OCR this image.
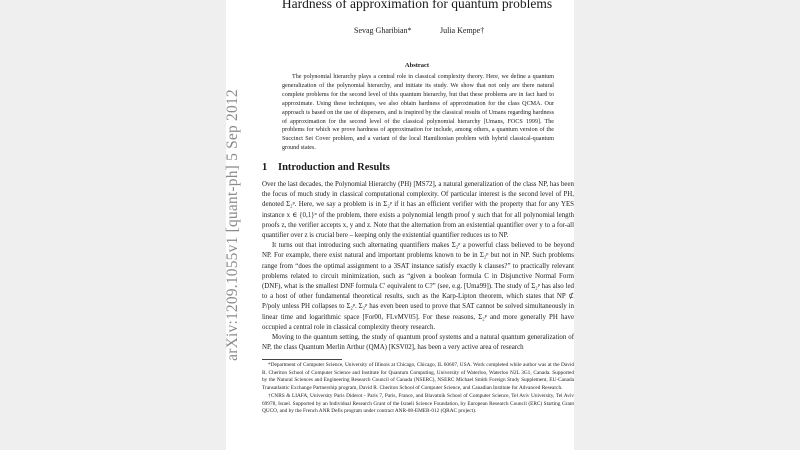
arXiv:1209.1055v1 [quant-ph] 5 Sep 2012
Hardness of approximation for quantum problems
Sevag Gharibian*	Julia Kempe†
Abstract

The polynomial hierarchy plays a central role in classical complexity theory. Here, we define a quantum generalization of the polynomial hierarchy, and initiate its study. We show that not only are there natural complete problems for the second level of this quantum hierarchy, but that these problems are in fact hard to approximate. Using these techniques, we also obtain hardness of approximation for the class QCMA. Our approach is based on the use of dispersers, and is inspired by the classical results of Umans regarding hardness of approximation for the second level of the classical polynomial hierarchy [Umans, FOCS 1999]. The problems for which we prove hardness of approximation for include, among others, a quantum version of the Succinct Set Cover problem, and a variant of the local Hamiltonian problem with hybrid classical-quantum ground states.

1 Introduction and Results

Over the last decades, the Polynomial Hierarchy (PH) [MS72], a natural generalization of the class NP, has been the focus of much study in classical computational complexity. Of particular interest is the second level of PH, denoted Σ₂ᵖ. Here, we say a problem is in Σ₂ᵖ if it has an efficient verifier with the property that for any YES instance x ∈ {0,1}ⁿ of the problem, there exists a polynomial length proof y such that for all polynomial length proofs z, the verifier accepts x, y and z. Note that the alternation from an existential quantifier over y to a for-all quantifier over z is crucial here – keeping only the existential quantifier reduces us to NP.

It turns out that introducing such alternating quantifiers makes Σ₂ᵖ a powerful class believed to be beyond NP. For example, there exist natural and important problems known to be in Σ₂ᵖ but not in NP. Such problems range from “does the optimal assignment to a 3SAT instance satisfy exactly k clauses?” to practically relevant problems related to circuit minimization, such as “given a boolean formula C in Disjunctive Normal Form (DNF), what is the smallest DNF formula C′ equivalent to C?” (see, e.g. [Uma99]). The study of Σ₂ᵖ has also led to a host of other fundamental theoretical results, such as the Karp-Lipton theorem, which states that NP ⊄ P/poly unless PH collapses to Σ₂ᵖ. Σ₂ᵖ has even been used to prove that SAT cannot be solved simultaneously in linear time and logarithmic space [For00, FLvMV05]. For these reasons, Σ₂ᵖ and more generally PH have occupied a central role in classical complexity theory research.

Moving to the quantum setting, the study of quantum proof systems and a natural quantum generalization of NP, the class Quantum Merlin Arthur (QMA) [KSV02], has been a very active area of research

*Department of Computer Science, University of Illinois at Chicago, Chicago, IL 60607, USA. Work completed while author was at the David R. Cheriton School of Computer Science and Institute for Quantum Computing, University of Waterloo, Waterloo N2L 3G1, Canada. Supported by the Natural Sciences and Engineering Research Council of Canada (NSERC), NSERC Michael Smith Foreign Study Supplement, EU-Canada Transatlantic Exchange Partnership program, David R. Cheriton School of Computer Science, and Canadian Institute for Advanced Research.

†CNRS & LIAFA, University Paris Diderot - Paris 7, Paris, France, and Blavatnik School of Computer Science, Tel Aviv University, Tel Aviv 69978, Israel. Supported by an Individual Research Grant of the Israeli Science Foundation, by European Research Council (ERC) Starting Grant QUCO, and by the French ANR Defis program under contract ANR-08-EMER-012 (QRAC project).
